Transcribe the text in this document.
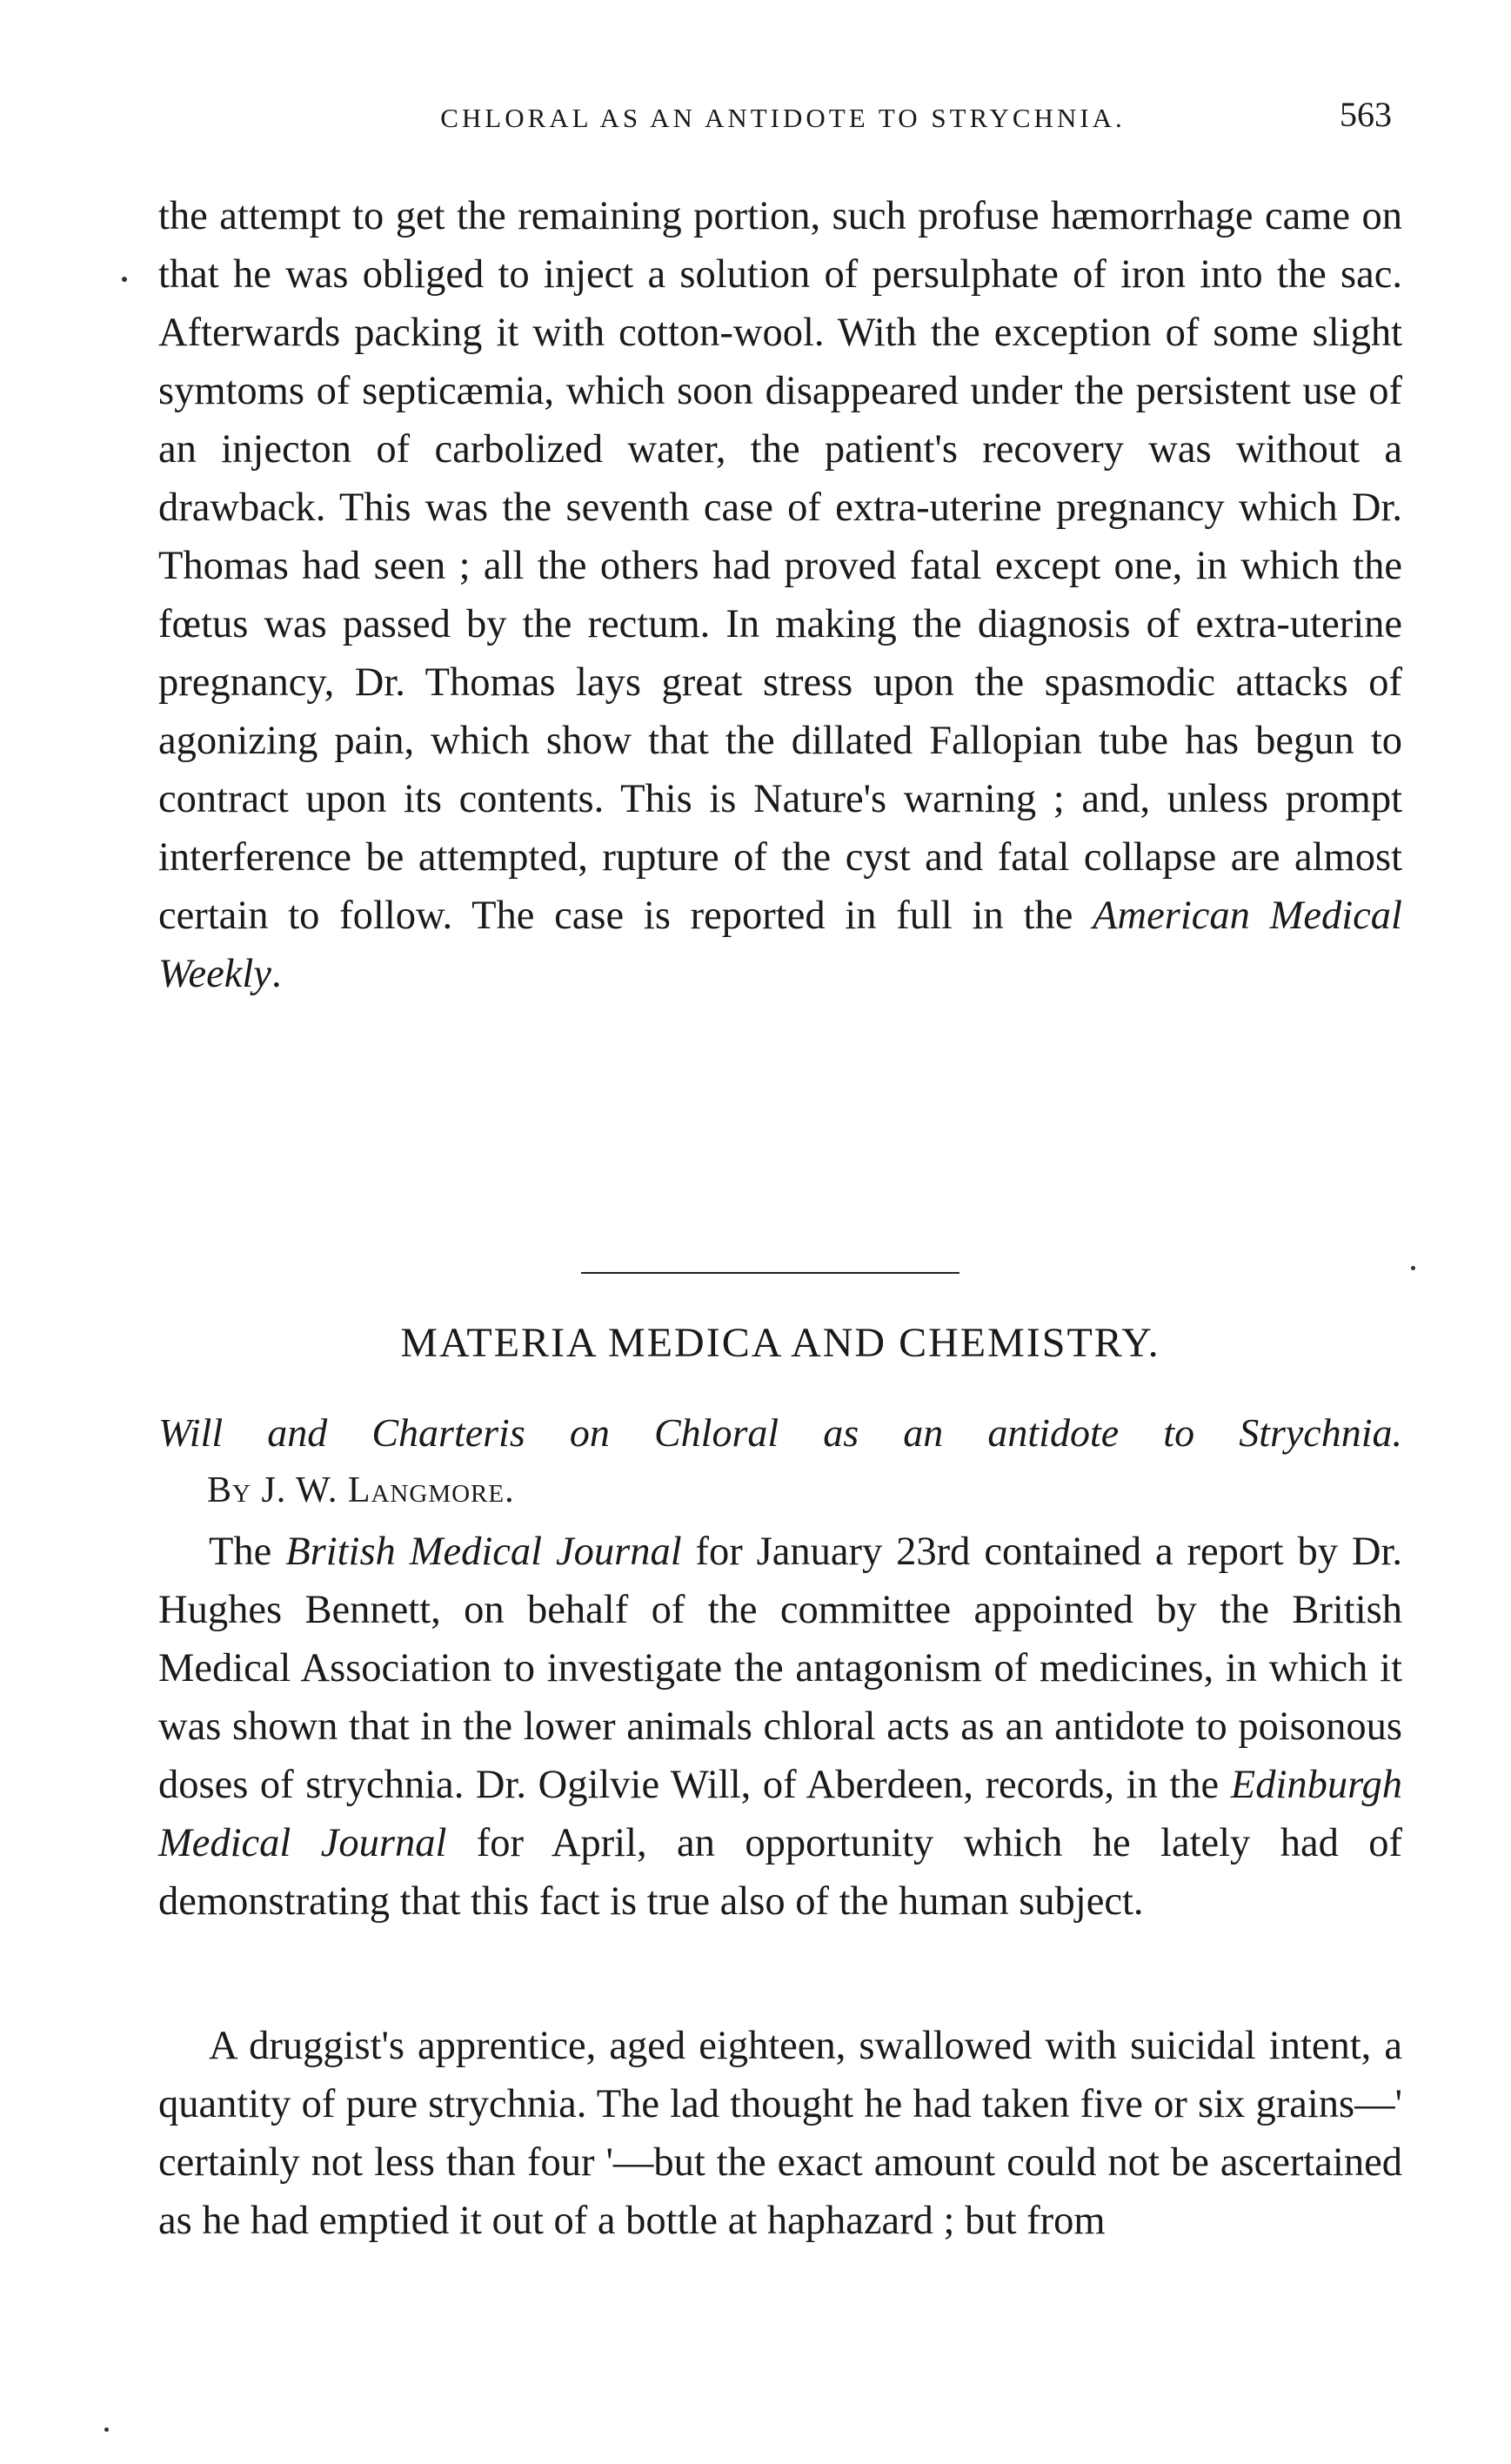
CHLORAL AS AN ANTIDOTE TO STRYCHNIA.	563

the attempt to get the remaining portion, such profuse hæmorrhage came on that he was obliged to inject a solution of persulphate of iron into the sac. Afterwards packing it with cotton-wool. With the exception of some slight symtoms of septicæmia, which soon disappeared under the persistent use of an injecton of carbolized water, the patient's recovery was without a drawback. This was the seventh case of extra-uterine pregnancy which Dr. Thomas had seen ; all the others had proved fatal except one, in which the fœtus was passed by the rectum. In making the diagnosis of extra-uterine pregnancy, Dr. Thomas lays great stress upon the spasmodic attacks of agonizing pain, which show that the dillated Fallopian tube has begun to contract upon its contents. This is Nature's warning ; and, unless prompt interference be attempted, rupture of the cyst and fatal collapse are almost certain to follow. The case is reported in full in the American Medical Weekly.

MATERIA MEDICA AND CHEMISTRY.
Will and Charteris on Chloral as an antidote to Strychnia.
By J. W. Langmore.

The British Medical Journal for January 23rd contained a report by Dr. Hughes Bennett, on behalf of the committee appointed by the British Medical Association to investigate the antagonism of medicines, in which it was shown that in the lower animals chloral acts as an antidote to poisonous doses of strychnia. Dr. Ogilvie Will, of Aberdeen, records, in the Edinburgh Medical Journal for April, an opportunity which he lately had of demonstrating that this fact is true also of the human subject.

A druggist's apprentice, aged eighteen, swallowed with suicidal intent, a quantity of pure strychnia. The lad thought he had taken five or six grains—' certainly not less than four '—but the exact amount could not be ascertained as he had emptied it out of a bottle at haphazard ; but from
